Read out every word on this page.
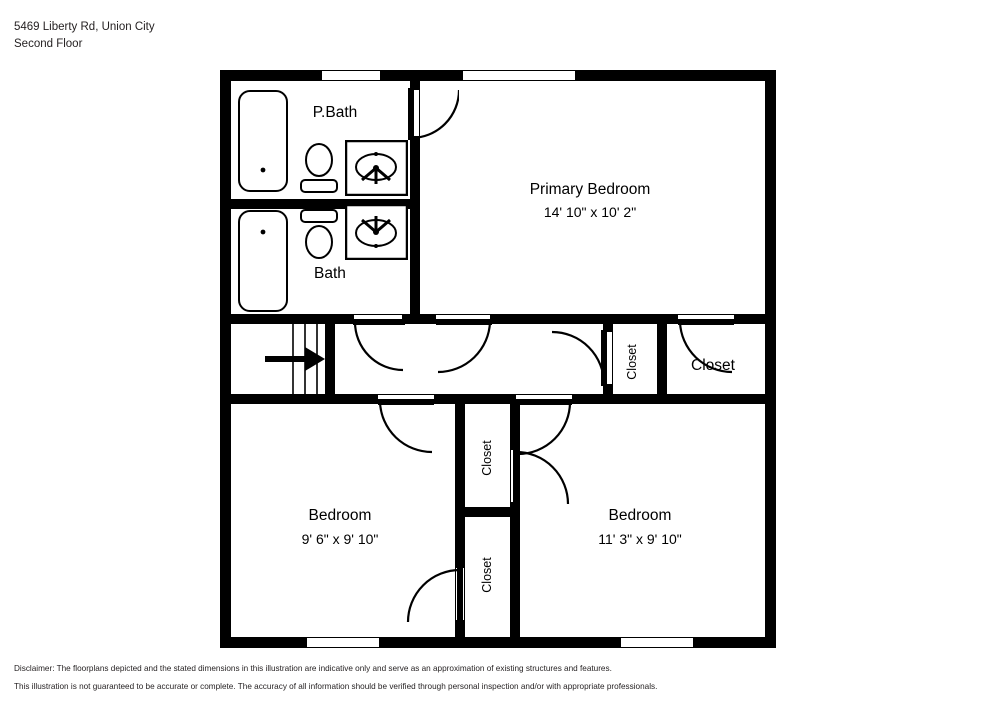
5469 Liberty Rd, Union City
Second Floor
P.Bath
Bath
Primary Bedroom
14' 10" x 10' 2"
Closet	Closet
Closet
Closet
Bedroom
9' 6" x 9' 10"
Bedroom
11' 3" x 9' 10"
Disclaimer: The floorplans depicted and the stated dimensions in this illustration are indicative only and serve as an approximation of existing structures and features.
This illustration is not guaranteed to be accurate or complete. The accuracy of all information should be verified through personal inspection and/or with appropriate professionals.
